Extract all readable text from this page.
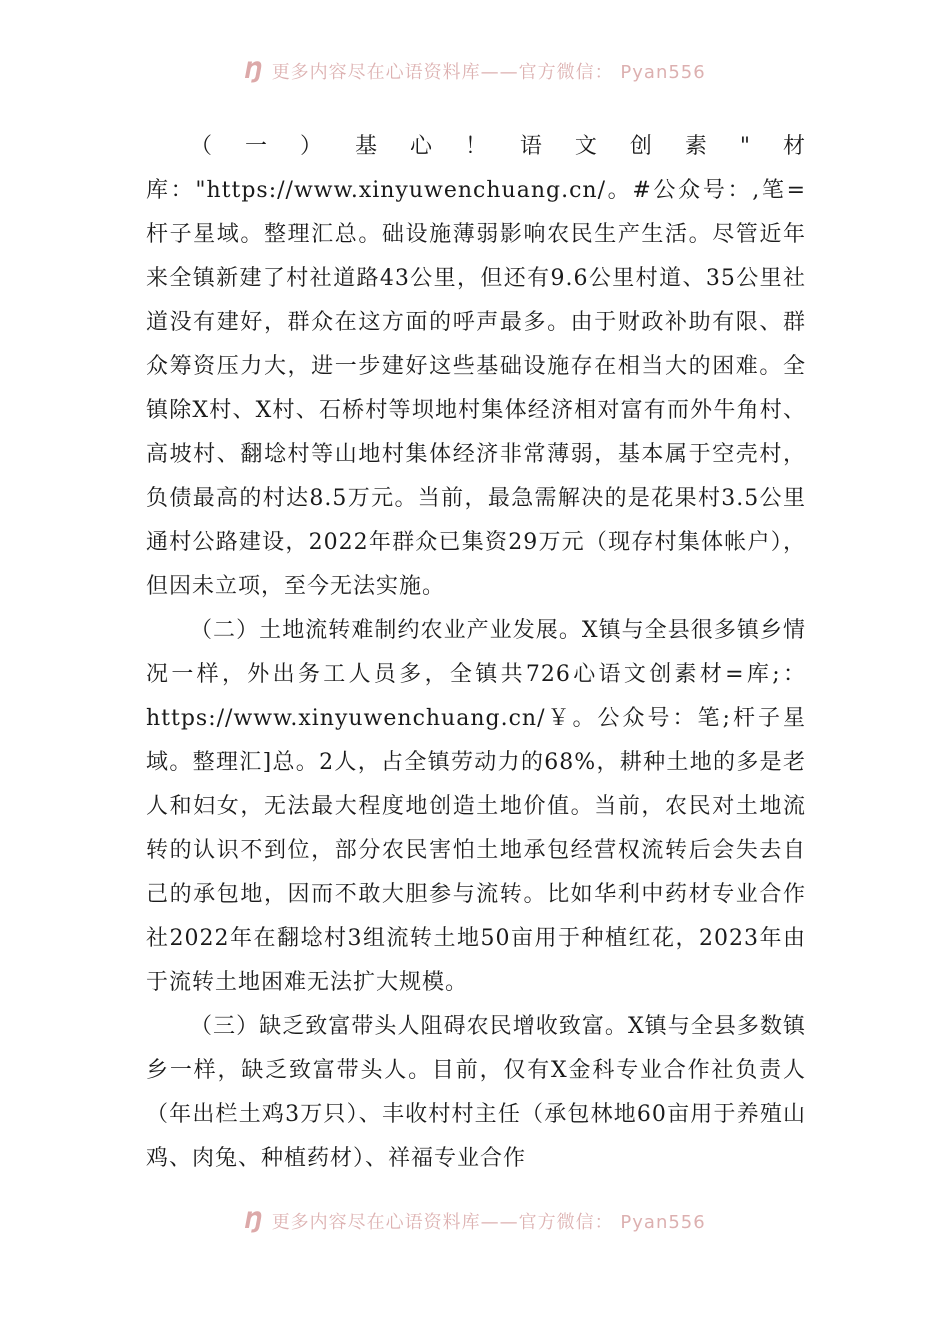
Ŋ 更多内容尽在心语资料库——官方微信： Pyan556

（一）基心！语文创素"材库："https://www.xinyuwenchuang.cn/。#公众号：,笔=杆子星域。整理汇总。础设施薄弱影响农民生产生活。尽管近年来全镇新建了村社道路43公里，但还有9.6公里村道、35公里社道没有建好，群众在这方面的呼声最多。由于财政补助有限、群众筹资压力大，进一步建好这些基础设施存在相当大的困难。全镇除X村、X村、石桥村等坝地村集体经济相对富有而外牛角村、高坡村、翻埝村等山地村集体经济非常薄弱，基本属于空壳村，负债最高的村达8.5万元。当前，最急需解决的是花果村3.5公里通村公路建设，2022年群众已集资29万元（现存村集体帐户），但因未立项，至今无法实施。

（二）土地流转难制约农业产业发展。X镇与全县很多镇乡情况一样，外出务工人员多，全镇共726心语文创素材=库;：https://www.xinyuwenchuang.cn/￥。公众号：笔;杆子星域。整理汇]总。2人，占全镇劳动力的68%，耕种土地的多是老人和妇女，无法最大程度地创造土地价值。当前，农民对土地流转的认识不到位，部分农民害怕土地承包经营权流转后会失去自己的承包地，因而不敢大胆参与流转。比如华利中药材专业合作社2022年在翻埝村3组流转土地50亩用于种植红花，2023年由于流转土地困难无法扩大规模。

（三）缺乏致富带头人阻碍农民增收致富。X镇与全县多数镇乡一样，缺乏致富带头人。目前，仅有X金科专业合作社负责人（年出栏土鸡3万只）、丰收村村主任（承包林地60亩用于养殖山鸡、肉兔、种植药材）、祥福专业合作

Ŋ 更多内容尽在心语资料库——官方微信： Pyan556
